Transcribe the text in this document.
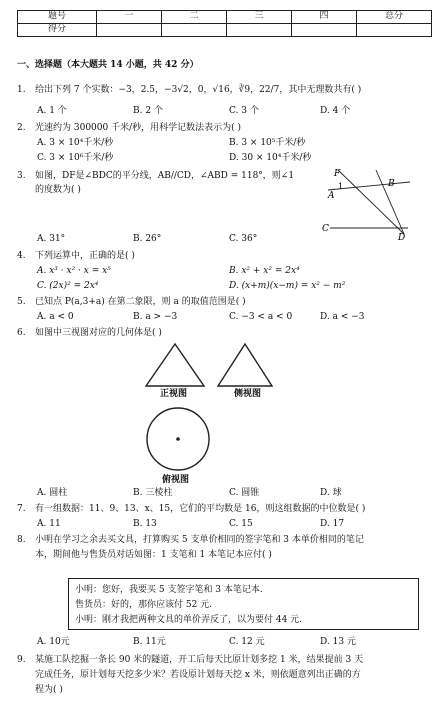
题号	一	二	三	四	总分
得分					
一、选择题（本大题共 14 小题，共 42 分）
1. 给出下列 7 个实数：−3，2.5，−3√2，0，√16，∛9，22/7，其中无理数共有( )
A. 1 个	B. 2 个	C. 3 个	D. 4 个
2. 光速约为 300000 千米/秒，用科学记数法表示为( )
A. 3 × 10⁴千米/秒	B. 3 × 10⁵千米/秒
C. 3 × 10⁶千米/秒	D. 30 × 10⁴千米/秒
3. 如图，DF是∠BDC的平分线，AB//CD，∠ABD = 118°，则∠1
的度数为( )
F
1	B
A
C
D
A. 31°	B. 26°	C. 36°
4. 下列运算中，正确的是( )
A. x³ · x² · x = x⁵	B. x² + x² = 2x⁴
C. (2x)² = 2x⁴	D. (x+m)(x−m) = x² − m²
5. 已知点 P(a,3+a) 在第二象限，则 a 的取值范围是( )
A. a < 0	B. a > −3	C. −3 < a < 0	D. a < −3
6. 如图中三视图对应的几何体是( )
正视图	侧视图
俯视图
A. 圆柱	B. 三棱柱	C. 圆锥	D. 球
7. 有一组数据：11、9、13、x、15，它们的平均数是 16，则这组数据的中位数是( )
A. 11	B. 13	C. 15	D. 17
8. 小明在学习之余去买文具，打算购买 5 支单价相同的签字笔和 3 本单价相同的笔记
本，期间他与售货员对话如图：1 支笔和 1 本笔记本应付( )
小明：您好，我要买 5 支签字笔和 3 本笔记本.
售货员：好的，那你应该付 52 元.
小明：刚才我把两种文具的单价弄反了，以为要付 44 元.
A. 10元	B. 11元	C. 12 元	D. 13 元
9. 某施工队挖掘一条长 90 米的隧道，开工后每天比原计划多挖 1 米，结果提前 3 天
完成任务，原计划每天挖多少米？若设原计划每天挖 x 米，则依题意列出正确的方
程为( )
